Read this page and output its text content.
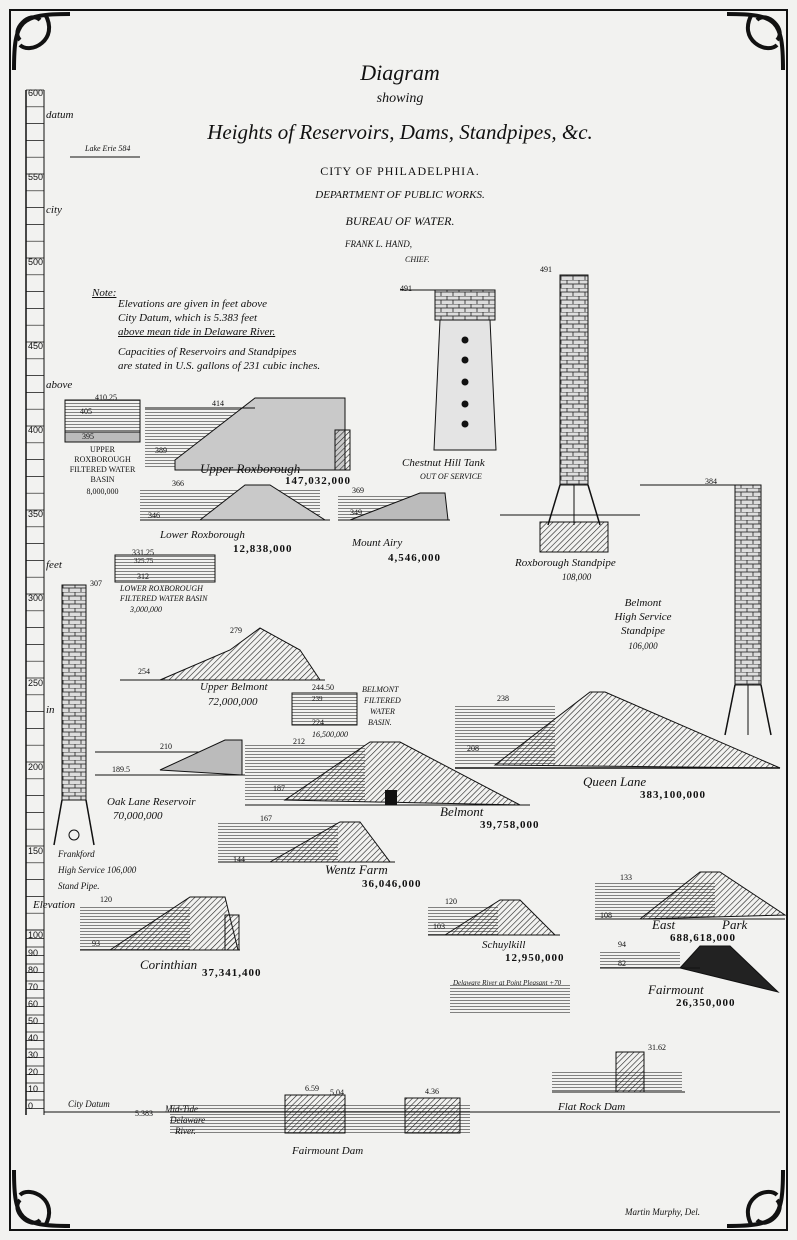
Diagram
showing
Heights of Reservoirs, Dams, Standpipes, &c.
CITY OF PHILADELPHIA.
DEPARTMENT OF PUBLIC WORKS.
BUREAU OF WATER.
FRANK L. HAND,
CHIEF.
Note:
Elevations are given in feet above
City Datum, which is 5.383 feet
above mean tide in Delaware River.
Capacities of Reservoirs and Standpipes
are stated in U.S. gallons of 231 cubic inches.
datum
city
above
feet
in
Elevation
600
550
500
450
400
350
300
250
200
150
100
90
80
70
60
50
40
30
20
10
0
Lake Erie 584
410.25
405
395
UPPER
ROXBOROUGH
FILTERED WATER
BASIN
8,000,000
414
389
Upper Roxborough
147,032,000
491
Chestnut Hill Tank
OUT OF SERVICE
491
Roxborough Standpipe
108,000
384
Belmont
High Service
Standpipe
106,000
366
346
Lower Roxborough
12,838,000
369
349
Mount Airy
4,546,000
331.25
325.75
312
LOWER ROXBOROUGH
FILTERED WATER BASIN
3,000,000
307
Frankford
High Service 106,000
Stand Pipe.
279
254
Upper Belmont
72,000,000
244.50
239
224
BELMONT
FILTERED
WATER
BASIN.
16,500,000
238
208
Queen Lane
383,100,000
210
189.5
Oak Lane Reservoir
70,000,000
212
187
Belmont
39,758,000
167
144
Wentz Farm
36,046,000
133
108
East	Park
688,618,000
120
93
Corinthian
37,341,400
120
103
Schuylkill
12,950,000
94
82
Fairmount
26,350,000
Delaware River at Point Pleasant +70
31.62
Flat Rock Dam
City Datum
5.383 Mid-Tide
Delaware
River.
6.59 5.04	4.36
Fairmount Dam
Martin Murphy, Del.
